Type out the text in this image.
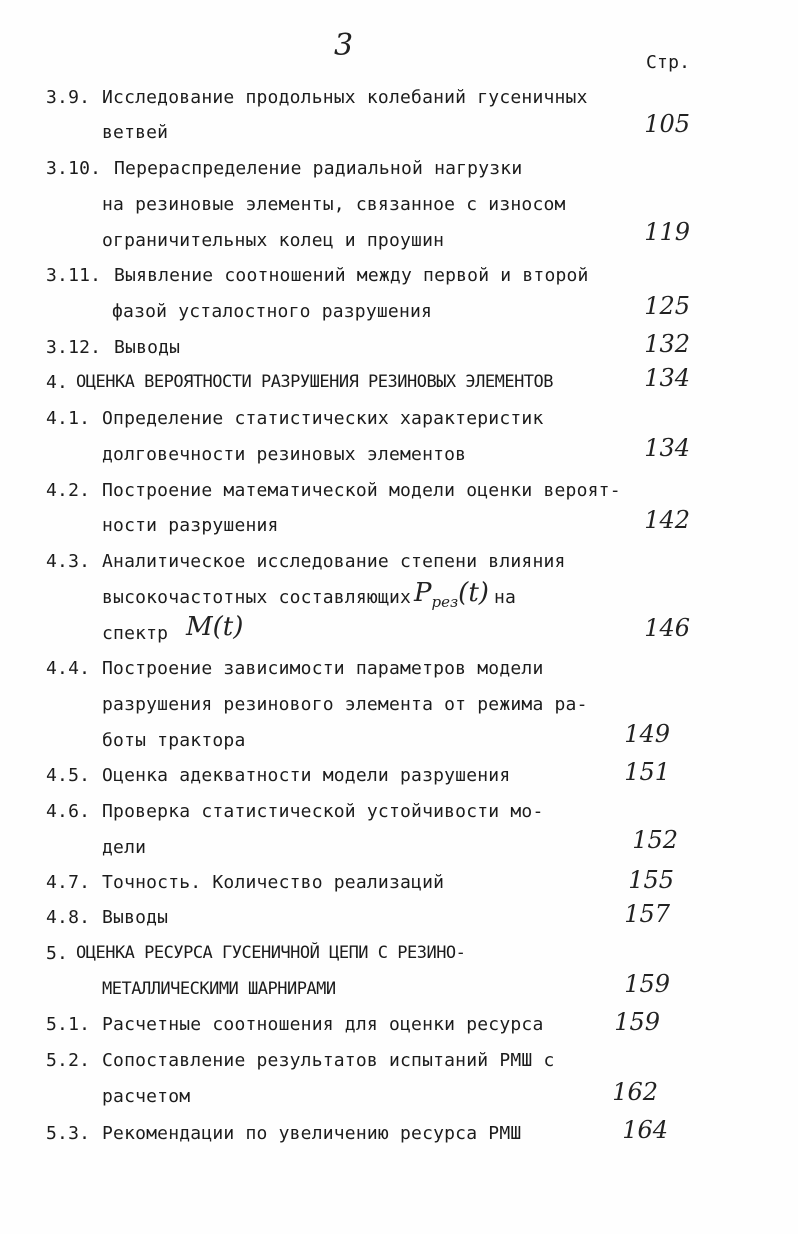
3	Стр.
3.9. Исследование продольных колебаний гусеничных
ветвей	105
3.10. Перераспределение радиальной нагрузки
на резиновые элементы, связанное с износом
ограничительных колец и проушин	119
3.11. Выявление соотношений между первой и второй
фазой усталостного разрушения	125
3.12. Выводы	132
4. ОЦЕНКА ВЕРОЯТНОСТИ РАЗРУШЕНИЯ РЕЗИНОВЫХ ЭЛЕМЕНТОВ	134
4.1. Определение статистических характеристик
долговечности резиновых элементов	134
4.2. Построение математической модели оценки вероят-
ности разрушения	142
4.3. Аналитическое исследование степени влияния
высокочастотных составляющих $P_{рез}(t)$ на
спектр M(t)	146
4.4. Построение зависимости параметров модели
разрушения резинового элемента от режима ра-
боты трактора	149
4.5. Оценка адекватности модели разрушения	151
4.6. Проверка статистической устойчивости мо-
дели	152
4.7. Точность. Количество реализаций	155
4.8. Выводы	157
5. ОЦЕНКА РЕСУРСА ГУСЕНИЧНОЙ ЦЕПИ С РЕЗИНО-
МЕТАЛЛИЧЕСКИМИ ШАРНИРАМИ	159
5.1. Расчетные соотношения для оценки ресурса	159
5.2. Сопоставление результатов испытаний РМШ с
расчетом	162
5.3. Рекомендации по увеличению ресурса РМШ	164
